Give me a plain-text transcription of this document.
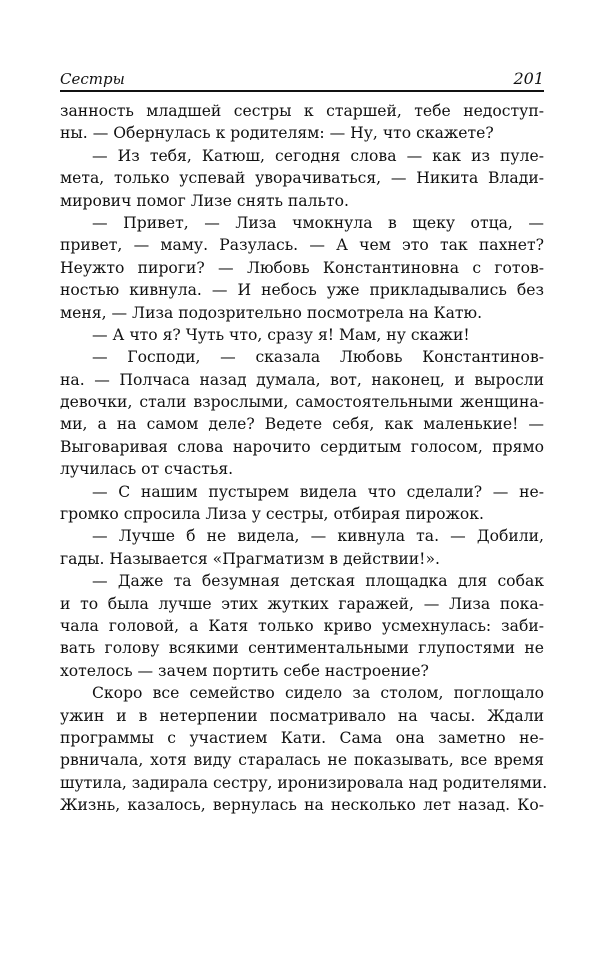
Сестры	201
занность младшей сестры к старшей, тебе недоступ-
ны. — Обернулась к родителям: — Ну, что скажете?
— Из тебя, Катюш, сегодня слова — как из пуле-
мета, только успевай уворачиваться, — Никита Влади-
мирович помог Лизе снять пальто.
— Привет, — Лиза чмокнула в щеку отца, —
привет, — маму. Разулась. — А чем это так пахнет?
Неужто пироги? — Любовь Константиновна с готов-
ностью кивнула. — И небось уже прикладывались без
меня, — Лиза подозрительно посмотрела на Катю.
— А что я? Чуть что, сразу я! Мам, ну скажи!
— Господи, — сказала Любовь Константинов-
на. — Полчаса назад думала, вот, наконец, и выросли
девочки, стали взрослыми, самостоятельными женщина-
ми, а на самом деле? Ведете себя, как маленькие! —
Выговаривая слова нарочито сердитым голосом, прямо
лучилась от счастья.
— С нашим пустырем видела что сделали? — не-
громко спросила Лиза у сестры, отбирая пирожок.
— Лучше б не видела, — кивнула та. — Добили,
гады. Называется «Прагматизм в действии!».
— Даже та безумная детская площадка для собак
и то была лучше этих жутких гаражей, — Лиза пока-
чала головой, а Катя только криво усмехнулась: заби-
вать голову всякими сентиментальными глупостями не
хотелось — зачем портить себе настроение?
Скоро все семейство сидело за столом, поглощало
ужин и в нетерпении посматривало на часы. Ждали
программы с участием Кати. Сама она заметно не-
рвничала, хотя виду старалась не показывать, все время
шутила, задирала сестру, иронизировала над родителями.
Жизнь, казалось, вернулась на несколько лет назад. Ко-
